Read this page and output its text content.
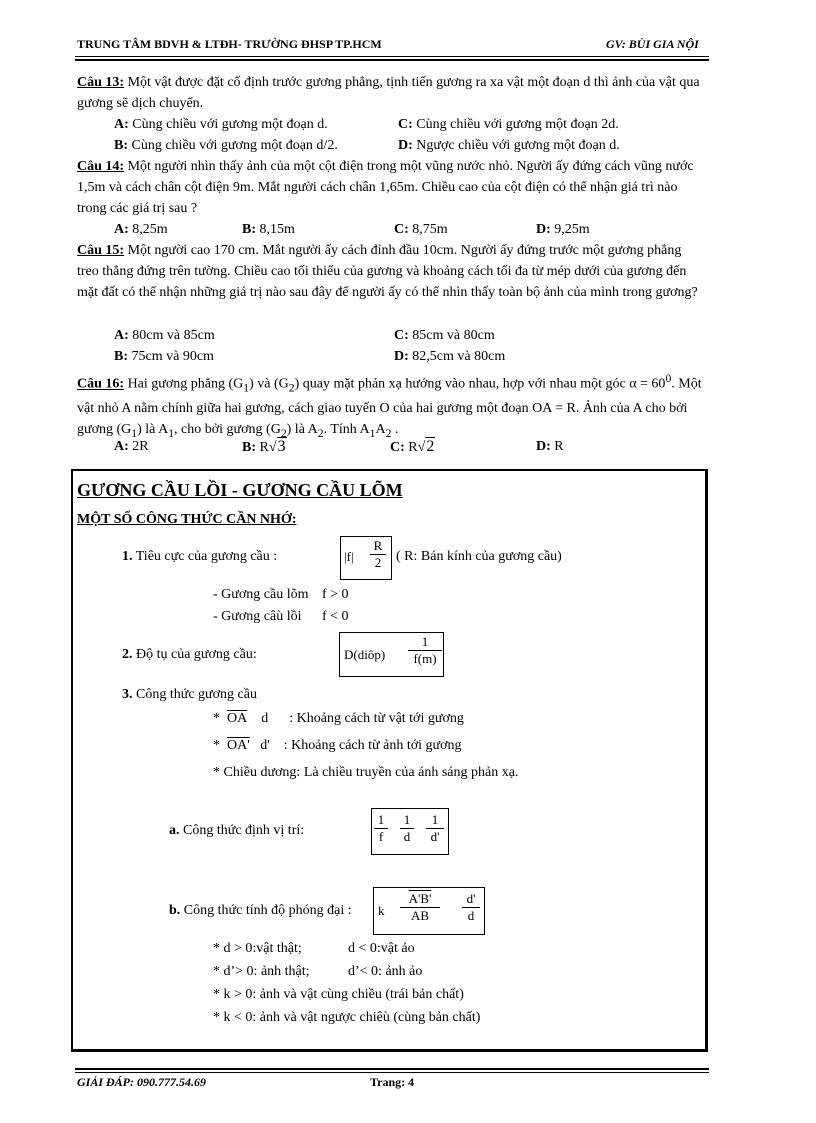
TRUNG TÂM BDVH & LTĐH- TRƯỜNG ĐHSP TP.HCM	GV: BÙI GIA NỘI
Câu 13: Một vật được đặt cố định trước gương phẳng, tịnh tiến gương ra xa vật một đoạn d thì ảnh của vật qua gương sẽ dịch chuyển.
A: Cùng chiều với gương một đoạn d.	C: Cùng chiều với gương một đoạn 2d.
B: Cùng chiều với gương một đoạn d/2.	D: Ngược chiều với gương một đoạn d.
Câu 14: Một người nhìn thấy ảnh của một cột điện trong một vũng nước nhỏ. Người ấy đứng cách vũng nước 1,5m và cách chân cột điện 9m. Mắt người cách chân 1,65m. Chiều cao của cột điện có thể nhận giá trì nào trong các giá trị sau ?
A: 8,25m	B: 8,15m	C: 8,75m	D: 9,25m
Câu 15: Một người cao 170 cm. Mắt người ấy cách đỉnh đầu 10cm. Người ấy đứng trước một gương phẳng treo thẳng đứng trên tường. Chiều cao tối thiểu của gương và khoảng cách tối đa từ mép dưới của gương đến mặt đất có thể nhận những giá trị nào sau đây để người ấy có thể nhìn thấy toàn bộ ảnh của mình trong gương?
A: 80cm và 85cm	C: 85cm và 80cm
B: 75cm và 90cm	D: 82,5cm và 80cm
Câu 16: Hai gương phẳng $(G_1)$ và $(G_2)$ quay mặt phản xạ hướng vào nhau, hợp với nhau một góc $\alpha = 60^0$. Một vật nhỏ A nằm chính giữa hai gương, cách giao tuyến O của hai gương một đoạn OA = R. Ảnh của A cho bởi gương $(G_1)$ là $A_1$, cho bởi gương $(G_2)$ là $A_2$. Tính $A_1A_2$ .
A: 2R	B: R√3	C: R√2	D: R
GƯƠNG CẦU LỒI - GƯƠNG CẦU LÕM
MỘT SỐ CÔNG THỨC CẦN NHỚ:
1. Tiêu cực của gương cầu :	$|f| \frac{R}{2}$ ( R: Bán kính của gương cầu)
- Gương cầu lõm f > 0
- Gương câù lồi f < 0
2. Độ tụ của gương cầu:	D(diôp) $\frac{1}{f(m)}$
3. Công thức gương cầu
* $\overline{OA}$ d : Khoảng cách từ vật tới gương
* OA' d' : Khoảng cách từ ảnh tới gương
* Chiều dương: Là chiều truyền của ánh sáng phản xạ.
a. Công thức định vị trí:	$\frac{1}{f} \frac{1}{d} \frac{1}{d'}$
b. Công thức tính độ phóng đại : k $\frac{A'B'}{AB} \frac{d'}{d}$
* d > 0:vật thật;	d < 0:vật ảo
* d’> 0: ảnh thật;	d’< 0: ảnh ảo
* k > 0: ảnh và vật cùng chiều (trái bản chất)
* k < 0: ảnh và vật ngược chiêù (cùng bản chất)
GIẢI ĐÁP: 090.777.54.69	Trang: 4
